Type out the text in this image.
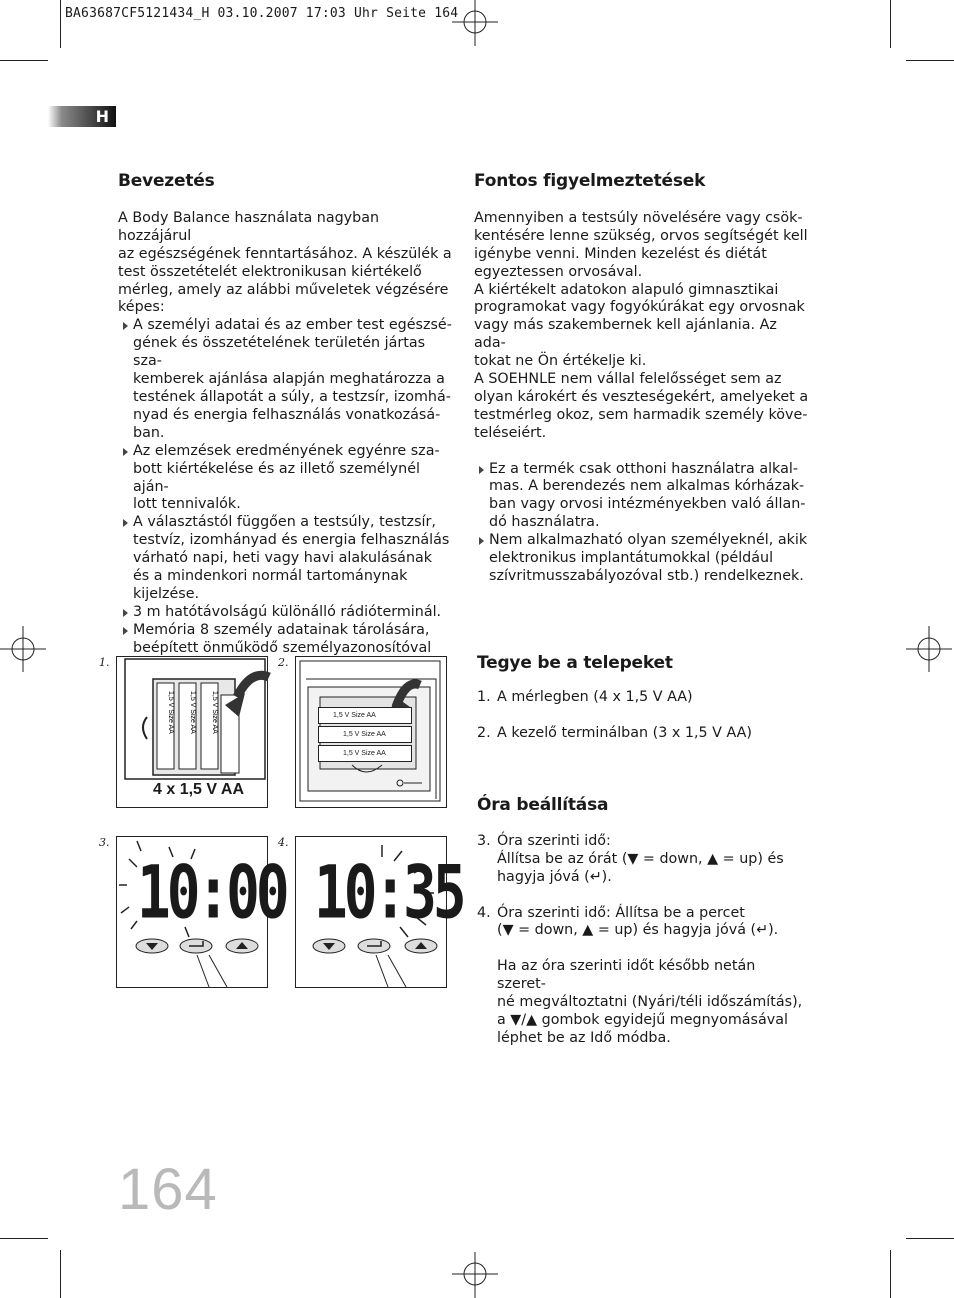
BA63687CF5121434_H 03.10.2007 17:03 Uhr Seite 164
H
Bevezetés

A Body Balance használata nagyban hozzájárul

az egészségének fenntartásához. A készülék a

test összetételét elektronikusan kiértékelő

mérleg, amely az alábbi műveletek végzésére

képes:

A személyi adatai és az ember test egészsé-

gének és összetételének területén jártas sza-

kemberek ajánlása alapján meghatározza a

testének állapotát a súly, a testzsír, izomhá-

nyad és energia felhasználás vonatkozásá-

ban.

Az elemzések eredményének egyénre sza-

bott kiértékelése és az illető személynél aján-

lott tennivalók.

A választástól függően a testsúly, testzsír,

testvíz, izomhányad és energia felhasználás

várható napi, heti vagy havi alakulásának

és a mindenkori normál tartománynak

kijelzése.

3 m hatótávolságú különálló rádióterminál.

Memória 8 személy adatainak tárolására,

beépített önműködő személyazonosítóval

Fontos figyelmeztetések

Amennyiben a testsúly növelésére vagy csök-

kentésére lenne szükség, orvos segítségét kell

igénybe venni. Minden kezelést és diétát

egyeztessen orvosával.

A kiértékelt adatokon alapuló gimnasztikai

programokat vagy fogyókúrákat egy orvosnak

vagy más szakembernek kell ajánlania. Az ada-

tokat ne Ön értékelje ki.

A SOEHNLE nem vállal felelősséget sem az

olyan károkért és veszteségekért, amelyeket a

testmérleg okoz, sem harmadik személy köve-

teléseiért.

Ez a termék csak otthoni használatra alkal-

mas. A berendezés nem alkalmas kórházak-

ban vagy orvosi intézményekben való állan-

dó használatra.

Nem alkalmazható olyan személyeknél, akik

elektronikus implantátumokkal (például

szívritmusszabályozóval stb.) rendelkeznek.

1.	2.
3.	4.
1,5 V Size AA 1,5 V Size AA 1,5 V Size AA
4 x 1,5 V AA
1,5 V Size AA
1,5 V Size AA
1,5 V Size AA
10:00 10:35
Tegye be a telepeket
1. A mérlegben (4 x 1,5 V AA)

2. A kezelő terminálban (3 x 1,5 V AA)

Óra beállítása
3. Óra szerinti idő:

Állítsa be az órát (▼ = down, ▲ = up) és

hagyja jóvá (↵).

4. Óra szerinti idő: Állítsa be a percet

(▼ = down, ▲ = up) és hagyja jóvá (↵).

Ha az óra szerinti időt később netán szeret-

né megváltoztatni (Nyári/téli időszámítás),

a ▼/▲ gombok egyidejű megnyomásával

léphet be az Idő módba.

164
